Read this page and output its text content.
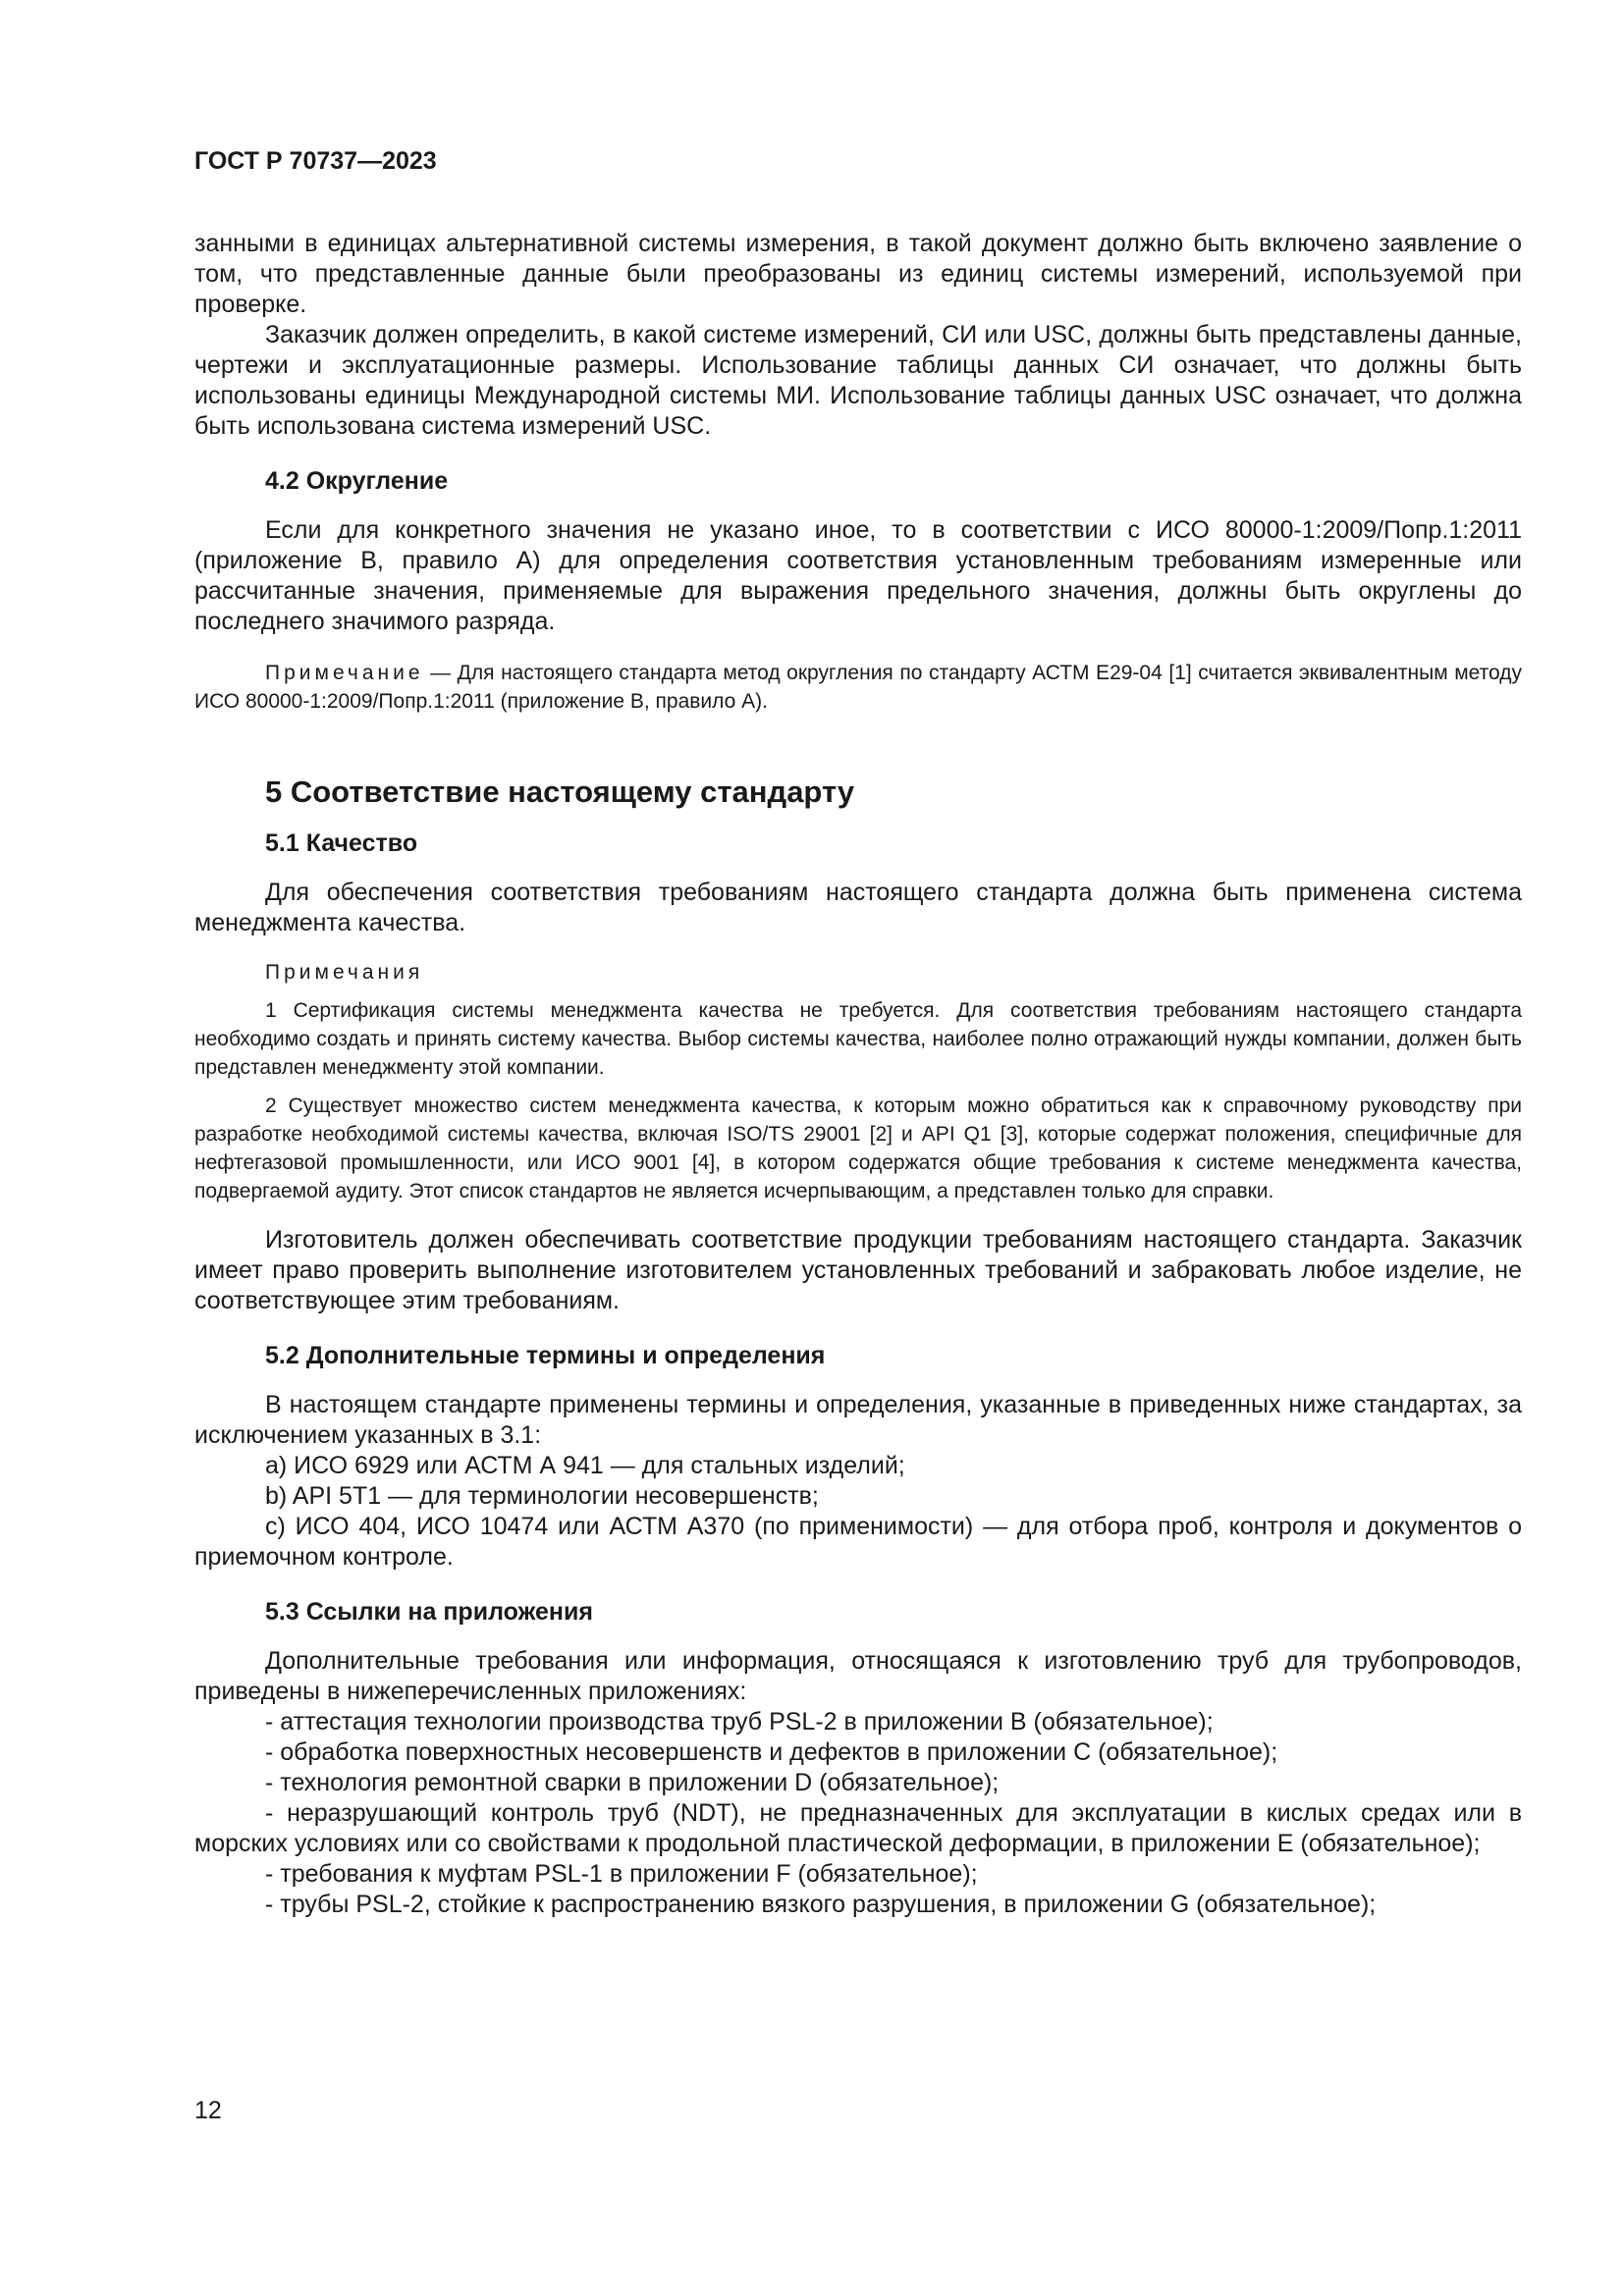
ГОСТ Р 70737—2023

занными в единицах альтернативной системы измерения, в такой документ должно быть включено заявление о том, что представленные данные были преобразованы из единиц системы измерений, используемой при проверке.

Заказчик должен определить, в какой системе измерений, СИ или USC, должны быть представлены данные, чертежи и эксплуатационные размеры. Использование таблицы данных СИ означает, что должны быть использованы единицы Международной системы МИ. Использование таблицы данных USC означает, что должна быть использована система измерений USC.

4.2 Округление

Если для конкретного значения не указано иное, то в соответствии с ИСО 80000-1:2009/Попр.1:2011 (приложение B, правило A) для определения соответствия установленным требованиям измеренные или рассчитанные значения, применяемые для выражения предельного значения, должны быть округлены до последнего значимого разряда.

Примечание — Для настоящего стандарта метод округления по стандарту АСТМ Е29-04 [1] считается эквивалентным методу ИСО 80000-1:2009/Попр.1:2011 (приложение B, правило A).

5 Соответствие настоящему стандарту
5.1 Качество

Для обеспечения соответствия требованиям настоящего стандарта должна быть применена система менеджмента качества.

Примечания

1 Сертификация системы менеджмента качества не требуется. Для соответствия требованиям настоящего стандарта необходимо создать и принять систему качества. Выбор системы качества, наиболее полно отражающий нужды компании, должен быть представлен менеджменту этой компании.

2 Существует множество систем менеджмента качества, к которым можно обратиться как к справочному руководству при разработке необходимой системы качества, включая ISO/TS 29001 [2] и API Q1 [3], которые содержат положения, специфичные для нефтегазовой промышленности, или ИСО 9001 [4], в котором содержатся общие требования к системе менеджмента качества, подвергаемой аудиту. Этот список стандартов не является исчерпывающим, а представлен только для справки.

Изготовитель должен обеспечивать соответствие продукции требованиям настоящего стандарта. Заказчик имеет право проверить выполнение изготовителем установленных требований и забраковать любое изделие, не соответствующее этим требованиям.

5.2 Дополнительные термины и определения

В настоящем стандарте применены термины и определения, указанные в приведенных ниже стандартах, за исключением указанных в 3.1:

a) ИСО 6929 или АСТМ А 941 — для стальных изделий;

b) API 5T1 — для терминологии несовершенств;

c) ИСО 404, ИСО 10474 или АСТМ А370 (по применимости) — для отбора проб, контроля и документов о приемочном контроле.

5.3 Ссылки на приложения

Дополнительные требования или информация, относящаяся к изготовлению труб для трубопроводов, приведены в нижеперечисленных приложениях:

- аттестация технологии производства труб PSL-2 в приложении B (обязательное);

- обработка поверхностных несовершенств и дефектов в приложении C (обязательное);

- технология ремонтной сварки в приложении D (обязательное);

- неразрушающий контроль труб (NDT), не предназначенных для эксплуатации в кислых средах или в морских условиях или со свойствами к продольной пластической деформации, в приложении E (обязательное);

- требования к муфтам PSL-1 в приложении F (обязательное);

- трубы PSL-2, стойкие к распространению вязкого разрушения, в приложении G (обязательное);

12
